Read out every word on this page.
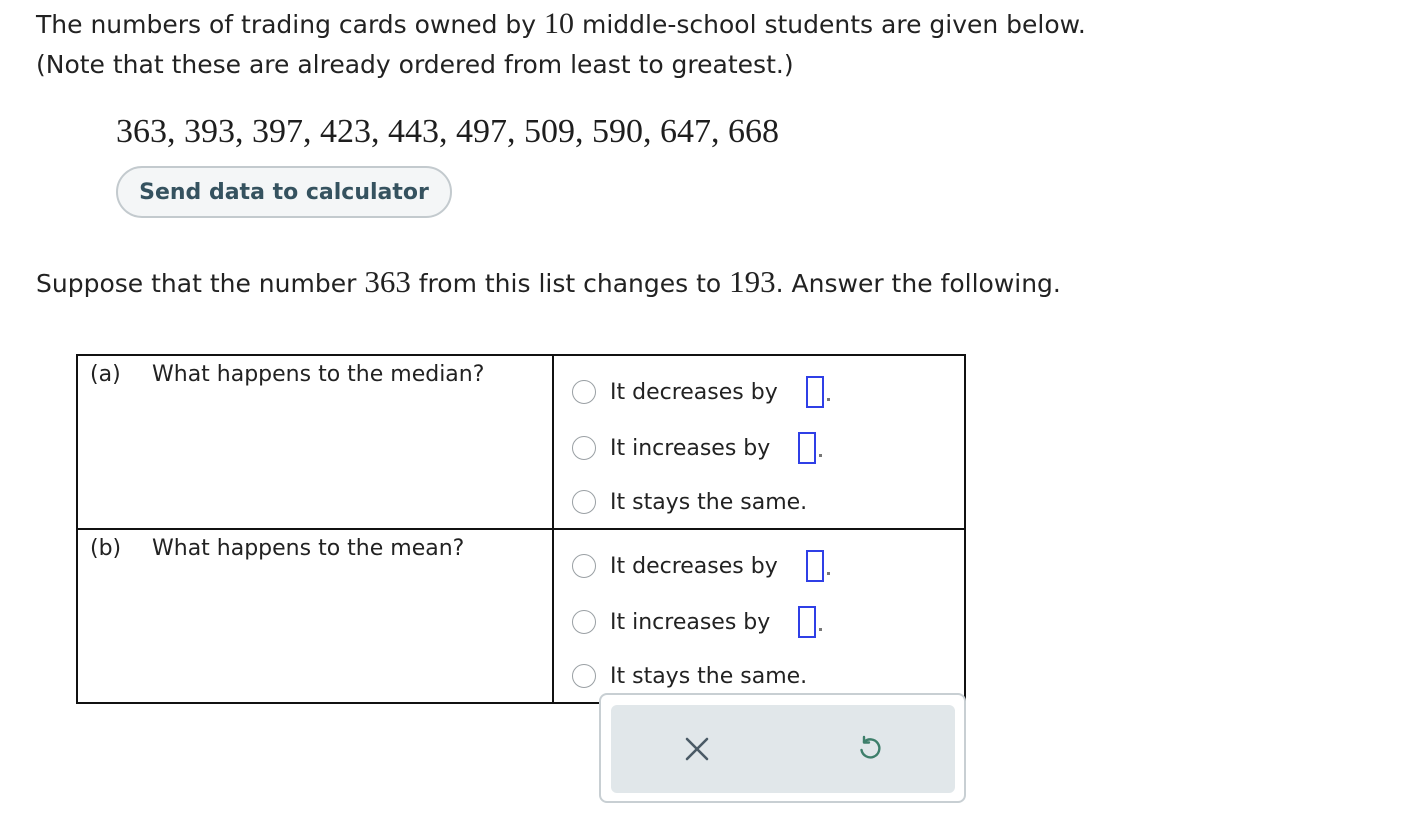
The numbers of trading cards owned by 10 middle-school students are given below.
(Note that these are already ordered from least to greatest.)
363, 393, 397, 423, 443, 497, 509, 590, 647, 668
Send data to calculator
Suppose that the number 363 from this list changes to 193. Answer the following.
(a) What happens to the median?	It decreases by
It increases by
It stays the same.

(b) What happens to the mean?	It decreases by
It increases by
It stays the same.
